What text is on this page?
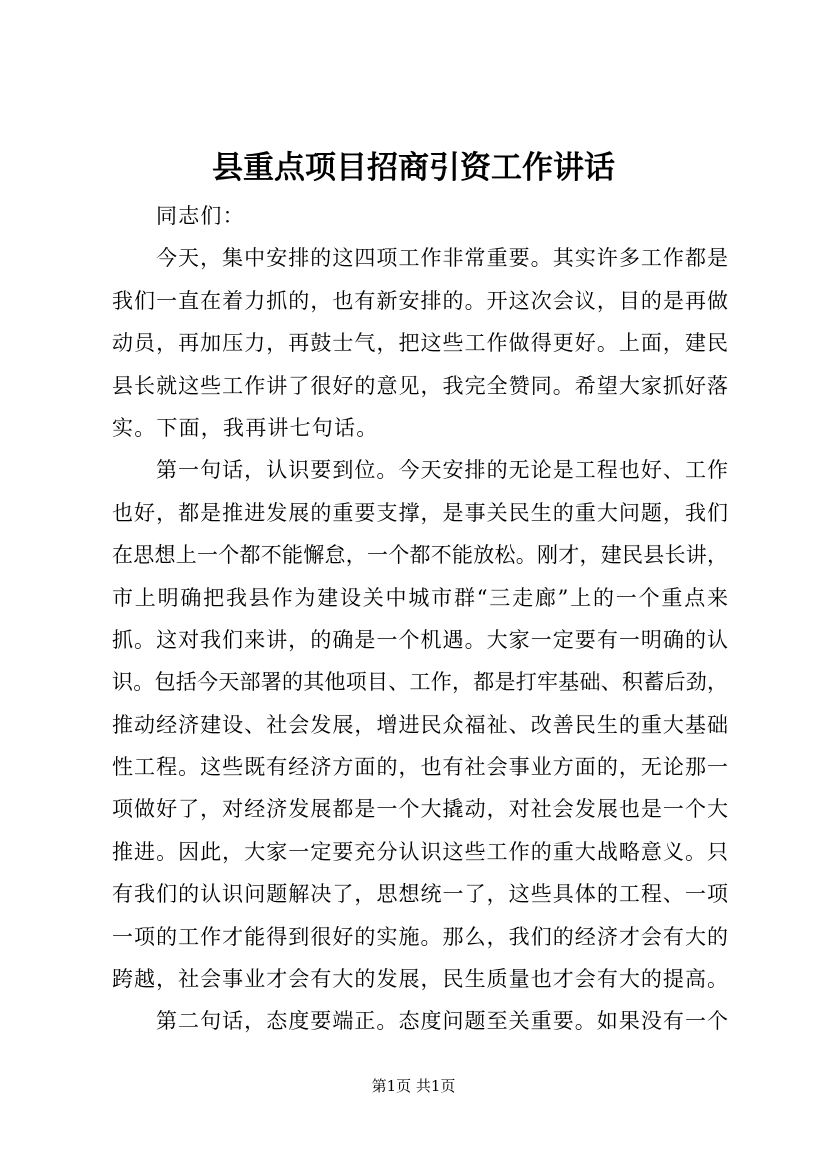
县重点项目招商引资工作讲话
同志们：
今天，集中安排的这四项工作非常重要。其实许多工作都是
我们一直在着力抓的，也有新安排的。开这次会议，目的是再做
动员，再加压力，再鼓士气，把这些工作做得更好。上面，建民
县长就这些工作讲了很好的意见，我完全赞同。希望大家抓好落
实。下面，我再讲七句话。
第一句话，认识要到位。今天安排的无论是工程也好、工作
也好，都是推进发展的重要支撑，是事关民生的重大问题，我们
在思想上一个都不能懈怠，一个都不能放松。刚才，建民县长讲，
市上明确把我县作为建设关中城市群“三走廊”上的一个重点来
抓。这对我们来讲，的确是一个机遇。大家一定要有一明确的认
识。包括今天部署的其他项目、工作，都是打牢基础、积蓄后劲，
推动经济建设、社会发展，增进民众福祉、改善民生的重大基础
性工程。这些既有经济方面的，也有社会事业方面的，无论那一
项做好了，对经济发展都是一个大撬动，对社会发展也是一个大
推进。因此，大家一定要充分认识这些工作的重大战略意义。只
有我们的认识问题解决了，思想统一了，这些具体的工程、一项
一项的工作才能得到很好的实施。那么，我们的经济才会有大的
跨越，社会事业才会有大的发展，民生质量也才会有大的提高。
第二句话，态度要端正。态度问题至关重要。如果没有一个
第1页 共1页
